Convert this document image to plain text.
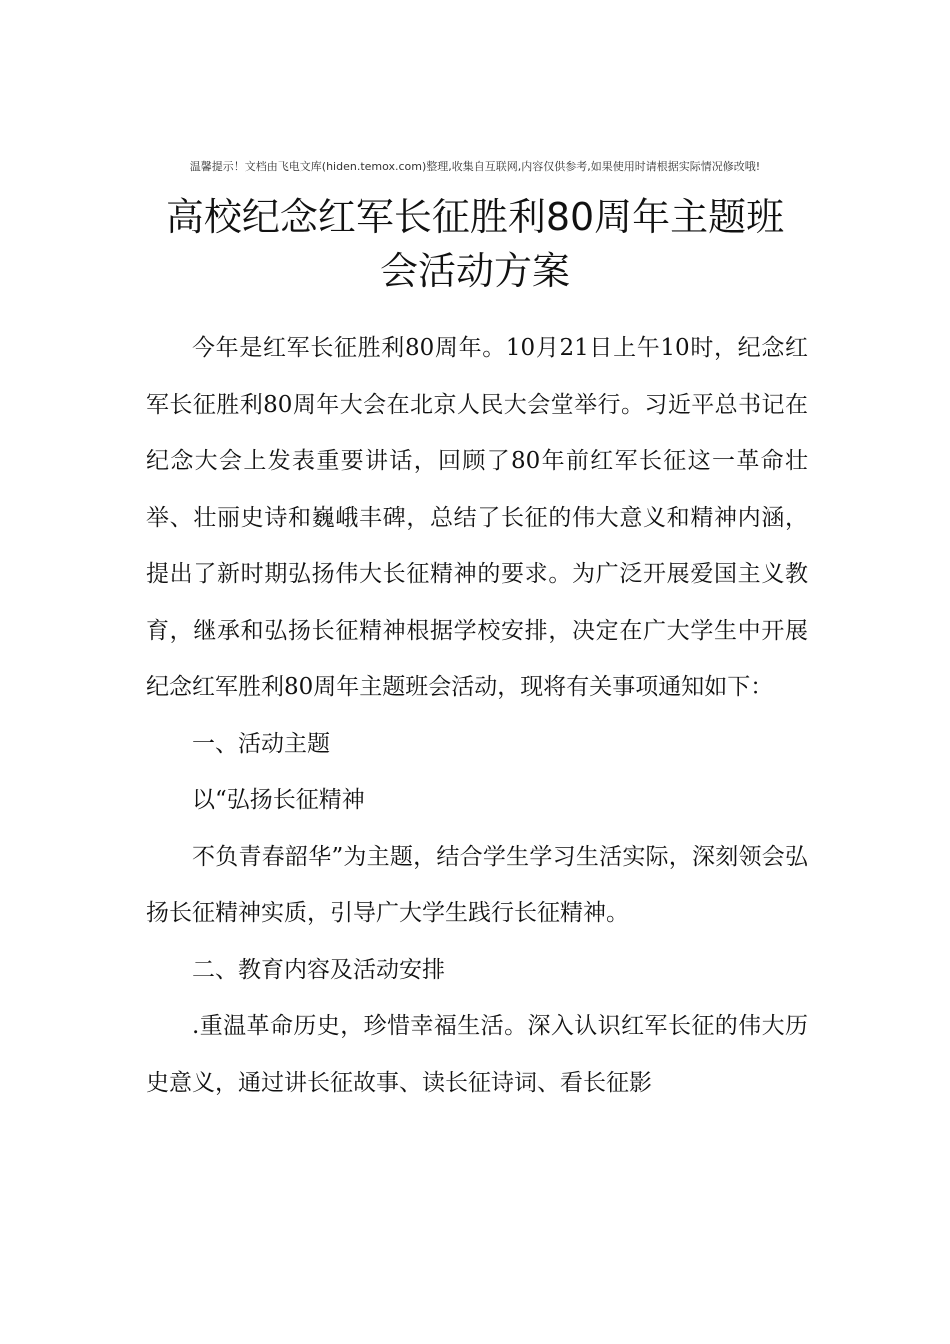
温馨提示！文档由飞电文库(hiden.temox.com)整理,收集自互联网,内容仅供参考,如果使用时请根据实际情况修改哦!
高校纪念红军长征胜利80周年主题班
会活动方案

今年是红军长征胜利80周年。10月21日上午10时，纪念红军长征胜利80周年大会在北京人民大会堂举行。习近平总书记在纪念大会上发表重要讲话，回顾了80年前红军长征这一革命壮举、壮丽史诗和巍峨丰碑，总结了长征的伟大意义和精神内涵，提出了新时期弘扬伟大长征精神的要求。为广泛开展爱国主义教育，继承和弘扬长征精神根据学校安排，决定在广大学生中开展纪念红军胜利80周年主题班会活动，现将有关事项通知如下：

一、活动主题

以“弘扬长征精神

不负青春韶华”为主题，结合学生学习生活实际，深刻领会弘扬长征精神实质，引导广大学生践行长征精神。

二、教育内容及活动安排

.重温革命历史，珍惜幸福生活。深入认识红军长征的伟大历史意义，通过讲长征故事、读长征诗词、看长征影
